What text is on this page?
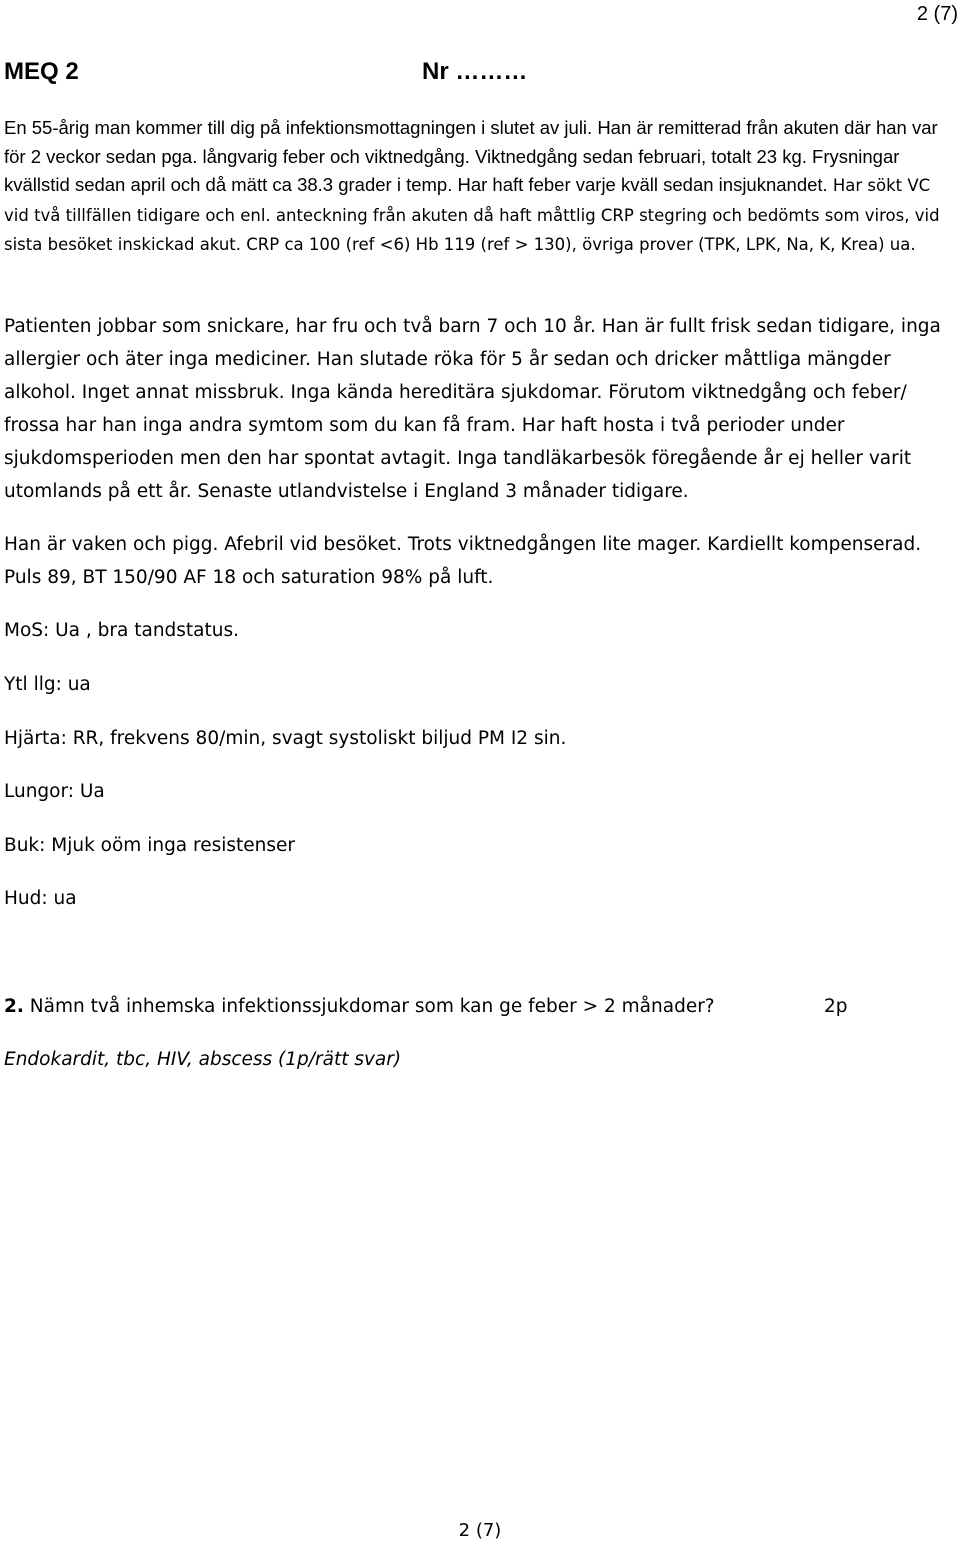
2 (7)
MEQ 2	Nr ………
En 55-årig man kommer till dig på infektionsmottagningen i slutet av juli. Han är remitterad från akuten där han var för 2 veckor sedan pga. långvarig feber och viktnedgång. Viktnedgång sedan februari, totalt 23 kg. Frysningar kvällstid sedan april och då mätt ca 38.3 grader i temp. Har haft feber varje kväll sedan insjuknandet. Har sökt VC vid två tillfällen tidigare och enl. anteckning från akuten då haft måttlig CRP stegring och bedömts som viros, vid sista besöket inskickad akut. CRP ca 100 (ref <6) Hb 119 (ref > 130), övriga prover (TPK, LPK, Na, K, Krea) ua.
Patienten jobbar som snickare, har fru och två barn 7 och 10 år. Han är fullt frisk sedan tidigare, inga allergier och äter inga mediciner. Han slutade röka för 5 år sedan och dricker måttliga mängder alkohol. Inget annat missbruk. Inga kända hereditära sjukdomar. Förutom viktnedgång och feber/ frossa har han inga andra symtom som du kan få fram. Har haft hosta i två perioder under sjukdomsperioden men den har spontat avtagit. Inga tandläkarbesök föregående år ej heller varit utomlands på ett år. Senaste utlandvistelse i England 3 månader tidigare.
Han är vaken och pigg. Afebril vid besöket. Trots viktnedgången lite mager. Kardiellt kompenserad. Puls 89, BT 150/90 AF 18 och saturation 98% på luft.
MoS: Ua , bra tandstatus.
Ytl llg: ua
Hjärta: RR, frekvens 80/min, svagt systoliskt biljud PM I2 sin.
Lungor: Ua
Buk: Mjuk oöm inga resistenser
Hud: ua
2. Nämn två inhemska infektionssjukdomar som kan ge feber > 2 månader?	2p
Endokardit, tbc, HIV, abscess (1p/rätt svar)
2 (7)
